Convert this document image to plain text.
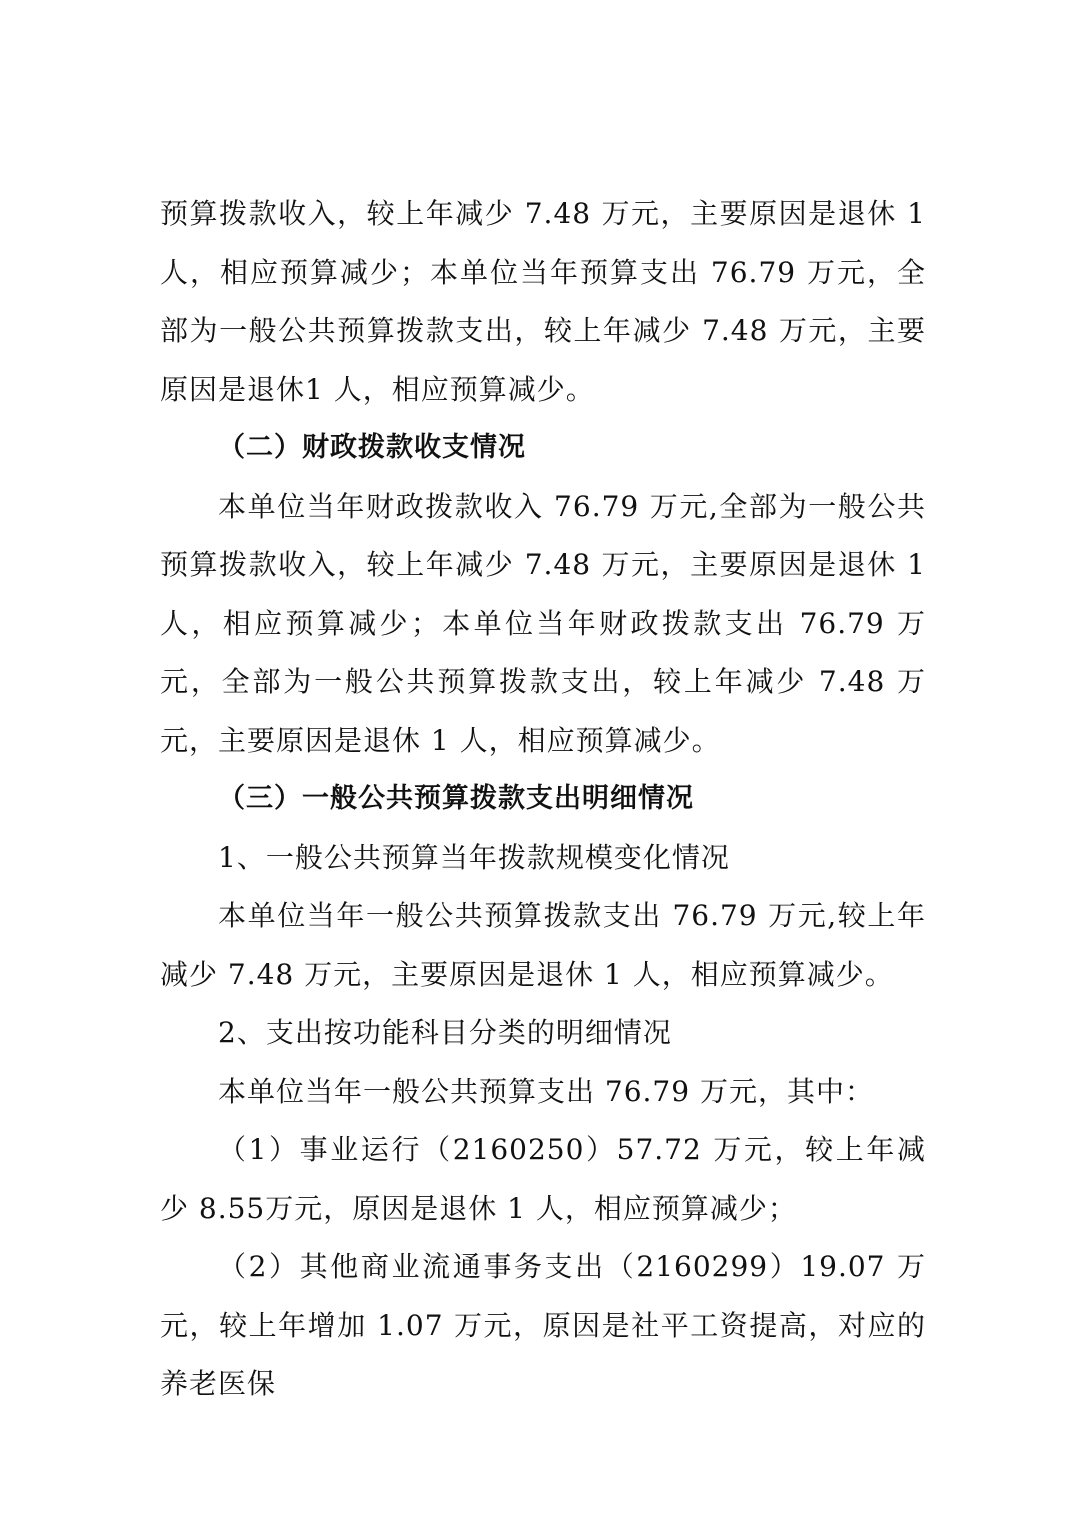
预算拨款收入，较上年减少 7.48 万元，主要原因是退休 1 人，相应预算减少；本单位当年预算支出 76.79 万元，全部为一般公共预算拨款支出，较上年减少 7.48 万元，主要原因是退休1 人，相应预算减少。

（二）财政拨款收支情况

本单位当年财政拨款收入 76.79 万元,全部为一般公共预算拨款收入，较上年减少 7.48 万元，主要原因是退休 1 人，相应预算减少；本单位当年财政拨款支出 76.79 万元，全部为一般公共预算拨款支出，较上年减少 7.48 万元，主要原因是退休 1 人，相应预算减少。

（三）一般公共预算拨款支出明细情况

1、一般公共预算当年拨款规模变化情况

本单位当年一般公共预算拨款支出 76.79 万元,较上年减少 7.48 万元，主要原因是退休 1 人，相应预算减少。

2、支出按功能科目分类的明细情况

本单位当年一般公共预算支出 76.79 万元，其中：

（1）事业运行（2160250）57.72 万元，较上年减少 8.55万元，原因是退休 1 人，相应预算减少；

（2）其他商业流通事务支出（2160299）19.07 万元，较上年增加 1.07 万元，原因是社平工资提高，对应的养老医保
